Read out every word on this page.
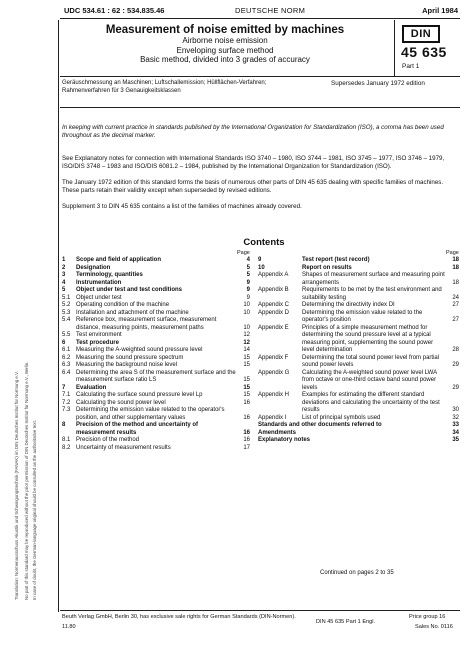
UDC 534.61 : 62 : 534.835.46	DEUTSCHE NORM	April 1984
Measurement of noise emitted by machines
Airborne noise emission
Enveloping surface method
Basic method, divided into 3 grades of accuracy
DIN
45 635
Part 1
Geräuschmessung an Maschinen; Luftschallemission; Hüllflächen-Verfahren; Rahmenverfahren für 3 Genauigkeitsklassen
Supersedes January 1972 edition
In keeping with current practice in standards published by the International Organization for Standardization (ISO), a comma has been used throughout as the decimal marker.
See Explanatory notes for connection with International Standards ISO 3740 – 1980, ISO 3744 – 1981, ISO 3745 – 1977, ISO 3746 – 1979, ISO/DIS 3748 – 1983 and ISO/DIS 6081.2 – 1984, published by the International Organization for Standardization (ISO).
The January 1972 edition of this standard forms the basis of numerous other parts of DIN 45 635 dealing with specific families of machines. These parts retain their validity except when superseded by revised editions.
Supplement 3 to DIN 45 635 contains a list of the families of machines already covered.
Contents
Page	Page
1 Scope and field of application	4
2 Designation	5
3 Terminology, quantities	5
4 Instrumentation	9
5 Object under test and test conditions	9
5.1 Object under test	9
5.2 Operating condition of the machine	10
5.3 Installation and attachment of the machine	10
5.4 Reference box, measurement surface, measurement distance, measuring points, measurement paths	10
5.5 Test environment	12
6 Test procedure	12
6.1 Measuring the A-weighted sound pressure level	14
6.2 Measuring the sound pressure spectrum	15
6.3 Measuring the background noise level	15
6.4 Determining the area S of the measurement surface and the measurement surface ratio LS	15
7 Evaluation	15
7.1 Calculating the surface sound pressure level Lp	15
7.2 Calculating the sound power level	16
7.3 Determining the emission value related to the operator's position, and other supplementary values	16
8 Precision of the method and uncertainty of measurement results	16
8.1 Precision of the method	16
8.2 Uncertainty of measurement results	17
9	Test report (test record)	18
10	Report on results	18
Appendix A Shapes of measurement surface and measuring point arrangements	18
Appendix B Requirements to be met by the test environment and suitability testing	24
Appendix C Determining the directivity index DI	27
Appendix D Determining the emission value related to the operator's position	27
Appendix E Principles of a simple measurement method for determining the sound pressure level at a typical measuring point, supplementing the sound power level determination	28
Appendix F Determining the total sound power level from partial sound power levels	29
Appendix G Calculating the A-weighted sound power level LWA from octave or one-third octave band sound power levels	29
Appendix H Examples for estimating the different standard deviations and calculating the uncertainty of the test results	30
Appendix I	List of principal symbols used	32
Standards and other documents referred to	33
Amendments	34
Explanatory notes	35
Continued on pages 2 to 35
Beuth Verlag GmbH, Berlin 30, has exclusive sale rights for German Standards (DIN-Normen).
11.80
DIN 45 635 Part 1 Engl.
Price group 16
Sales No. 0116
Translation: Normenausschuss Akustik und Schwingungstechnik (FANAK) im DIN Deutsches Institut für Normung e.V. No part of this standard may be reproduced without the prior permission of DIN Deutsches Institut für Normung e.V., Berlin. In case of doubt, the German-language original should be consulted as the authoritative text.
